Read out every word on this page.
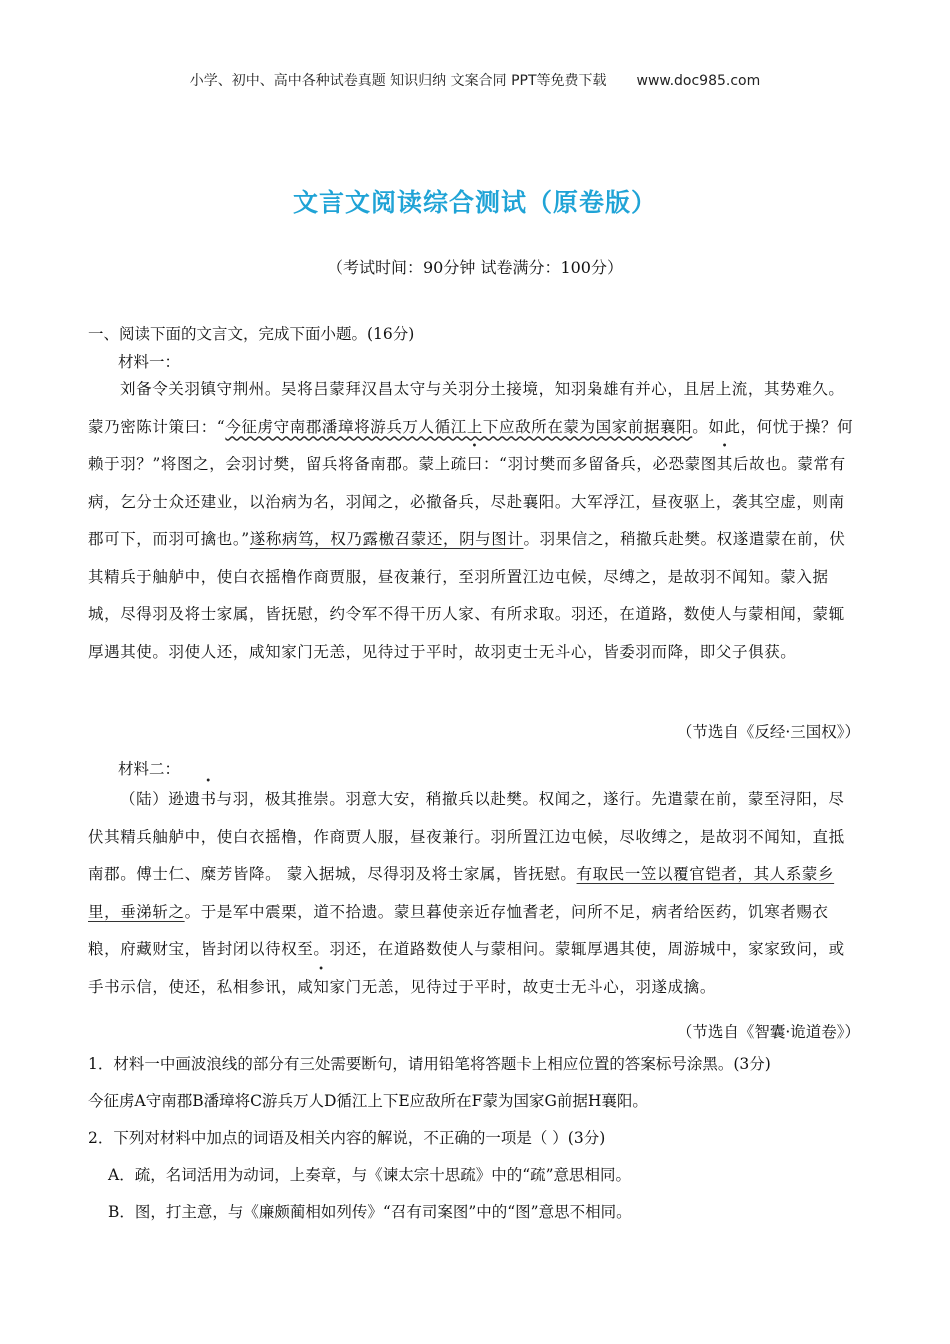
小学、初中、高中各种试卷真题 知识归纳 文案合同 PPT等免费下载 www.doc985.com
文言文阅读综合测试（原卷版）
（考试时间：90分钟 试卷满分：100分）
一、阅读下面的文言文，完成下面小题。(16分)
材料一：
刘备令关羽镇守荆州。吴将吕蒙拜汉昌太守与关羽分土接境，知羽枭雄有并心，且居上流，其势难久。蒙乃密陈计策曰：“今征虏守南郡潘璋将游兵万人循江上下应敌所在蒙为国家前据襄阳。如此，何忧于操？何赖于羽？”将图之，会羽讨樊，留兵将备南郡。蒙上疏曰：“羽讨樊而多留备兵，必恐蒙图其后故也。蒙常有病，乞分士众还建业，以治病为名，羽闻之，必撤备兵，尽赴襄阳。大军浮江，昼夜驱上，袭其空虚，则南郡可下，而羽可擒也。”遂称病笃，权乃露檄召蒙还，阴与图计。羽果信之，稍撤兵赴樊。权遂遣蒙在前，伏其精兵于舳舻中，使白衣摇橹作商贾服，昼夜兼行，至羽所置江边屯候，尽缚之，是故羽不闻知。蒙入据城，尽得羽及将士家属，皆抚慰，约令军不得干历人家、有所求取。羽还，在道路，数使人与蒙相闻，蒙辄厚遇其使。羽使人还，咸知家门无恙，见待过于平时，故羽吏士无斗心，皆委羽而降，即父子俱获。
（节选自《反经·三国权》）
材料二：
（陆）逊遗书与羽，极其推崇。羽意大安，稍撤兵以赴樊。权闻之，遂行。先遣蒙在前，蒙至浔阳，尽伏其精兵舳舻中，使白衣摇橹，作商贾人服，昼夜兼行。羽所置江边屯候，尽收缚之，是故羽不闻知，直抵南郡。傅士仁、糜芳皆降。 蒙入据城，尽得羽及将士家属，皆抚慰。有取民一笠以覆官铠者，其人系蒙乡里，垂涕斩之。于是军中震栗，道不拾遗。蒙旦暮使亲近存恤耆老，问所不足，病者给医药，饥寒者赐衣粮，府藏财宝，皆封闭以待权至。羽还，在道路数使人与蒙相问。蒙辄厚遇其使，周游城中，家家致问，或手书示信，使还，私相参讯，咸知家门无恙，见待过于平时，故吏士无斗心，羽遂成擒。
（节选自《智囊·诡道卷》）
1．材料一中画波浪线的部分有三处需要断句，请用铅笔将答题卡上相应位置的答案标号涂黑。(3分)
今征虏A守南郡B潘璋将C游兵万人D循江上下E应敌所在F蒙为国家G前据H襄阳。
2．下列对材料中加点的词语及相关内容的解说，不正确的一项是（ ）(3分)
A．疏，名词活用为动词，上奏章，与《谏太宗十思疏》中的“疏”意思相同。
B．图，打主意，与《廉颇蔺相如列传》“召有司案图”中的“图”意思不相同。
